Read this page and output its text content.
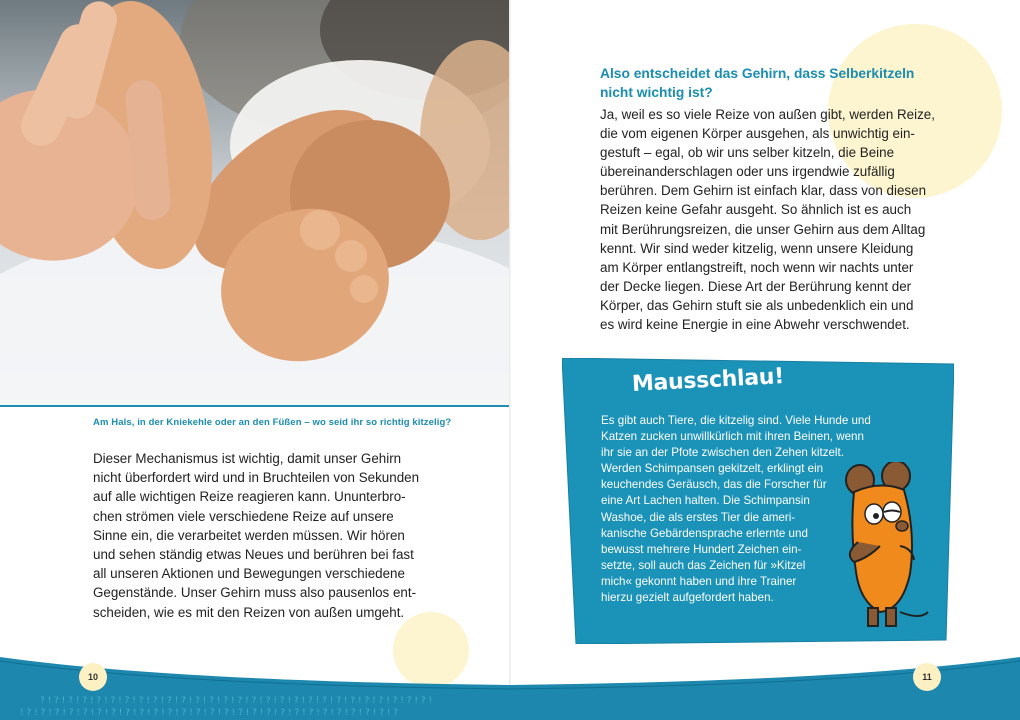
Am Hals, in der Kniekehle oder an den Füßen – wo seid ihr so richtig kitzelig?

Dieser Mechanismus ist wichtig, damit unser Gehirn

nicht überfordert wird und in Bruchteilen von Sekunden

auf alle wichtigen Reize reagieren kann. Ununterbro-

chen strömen viele verschiedene Reize auf unsere

Sinne ein, die verarbeitet werden müssen. Wir hören

und sehen ständig etwas Neues und berühren bei fast

all unseren Aktionen und Bewegungen verschiedene

Gegenstände. Unser Gehirn muss also pausenlos ent-

scheiden, wie es mit den Reizen von außen umgeht.

Also entscheidet das Gehirn, dass Selberkitzeln

nicht wichtig ist?

Ja, weil es so viele Reize von außen gibt, werden Reize,

die vom eigenen Körper ausgehen, als unwichtig ein-

gestuft – egal, ob wir uns selber kitzeln, die Beine

übereinanderschlagen oder uns irgendwie zufällig

berühren. Dem Gehirn ist einfach klar, dass von diesen

Reizen keine Gefahr ausgeht. So ähnlich ist es auch

mit Berührungsreizen, die unser Gehirn aus dem Alltag

kennt. Wir sind weder kitzelig, wenn unsere Kleidung

am Körper entlangstreift, noch wenn wir nachts unter

der Decke liegen. Diese Art der Berührung kennt der

Körper, das Gehirn stuft sie als unbedenklich ein und

es wird keine Energie in eine Abwehr verschwendet.

Mausschlau!

Es gibt auch Tiere, die kitzelig sind. Viele Hunde und

Katzen zucken unwillkürlich mit ihren Beinen, wenn

ihr sie an der Pfote zwischen den Zehen kitzelt.

Werden Schimpansen gekitzelt, erklingt ein

keuchendes Geräusch, das die Forscher für

eine Art Lachen halten. Die Schimpansin

Washoe, die als erstes Tier die ameri-

kanische Gebärdensprache erlernte und

bewusst mehrere Hundert Zeichen ein-

setzte, soll auch das Zeichen für »Kitzel

mich« gekonnt haben und ihre Trainer

hierzu gezielt aufgefordert haben.

? ! ? ! ? ! ? ! ? ! ? ! ? ! ? ! ? ! ? ! ? ! ? ! ? ! ? ! ? ! ? ! ? ! ? ! ? ! ? ! ? ! ? ! ? ! ? ! ? ! ? ! ? ! ? !
! ? ! ? ! ? ! ? ! ? ! ? ! ? ! ? ! ? ! ? ! ? ! ? ! ? ! ? ! ? ! ? ! ? ! ? ! ? ! ? ! ? ! ? ! ? ! ? ! ? ! ? ! ?
10	11
